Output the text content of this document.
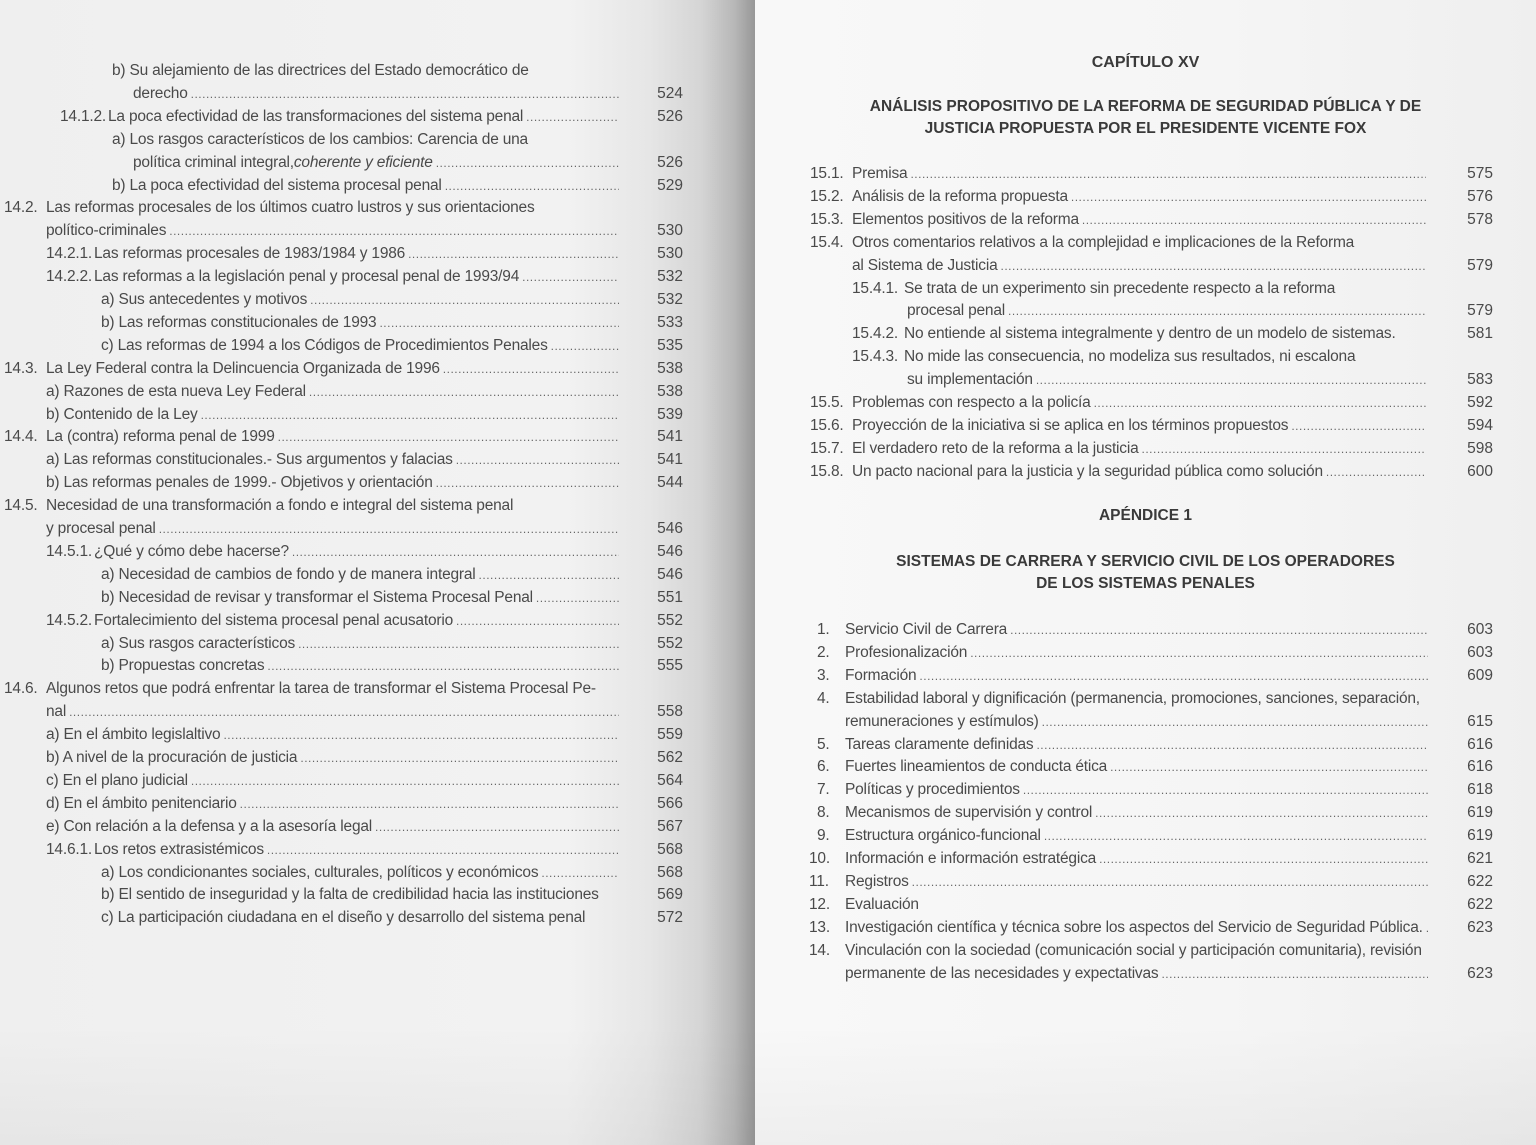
b) Su alejamiento de las directrices del Estado democrático de
derecho .....	524
14.1.2. La poca efectividad de las transformaciones del sistema penal .....	526
a) Los rasgos característicos de los cambios: Carencia de una
política criminal integral, coherente y eficiente .....	526
b) La poca efectividad del sistema procesal penal .....	529
14.2. Las reformas procesales de los últimos cuatro lustros y sus orientaciones
político-criminales .....	530
14.2.1. Las reformas procesales de 1983/1984 y 1986 .....	530
14.2.2. Las reformas a la legislación penal y procesal penal de 1993/94 .....	532
a) Sus antecedentes y motivos .....	532
b) Las reformas constitucionales de 1993 .....	533
c) Las reformas de 1994 a los Códigos de Procedimientos Penales .....	535
14.3. La Ley Federal contra la Delincuencia Organizada de 1996 .....	538
a) Razones de esta nueva Ley Federal .....	538
b) Contenido de la Ley .....	539
14.4. La (contra) reforma penal de 1999 .....	541
a) Las reformas constitucionales.- Sus argumentos y falacias .....	541
b) Las reformas penales de 1999.- Objetivos y orientación .....	544
14.5. Necesidad de una transformación a fondo e integral del sistema penal
y procesal penal .....	546
14.5.1. ¿Qué y cómo debe hacerse? .....	546
a) Necesidad de cambios de fondo y de manera integral .....	546
b) Necesidad de revisar y transformar el Sistema Procesal Penal .....	551
14.5.2. Fortalecimiento del sistema procesal penal acusatorio .....	552
a) Sus rasgos característicos .....	552
b) Propuestas concretas .....	555
14.6. Algunos retos que podrá enfrentar la tarea de transformar el Sistema Procesal Pe-
nal .....	558
a) En el ámbito legislaltivo .....	559
b) A nivel de la procuración de justicia .....	562
c) En el plano judicial .....	564
d) En el ámbito penitenciario .....	566
e) Con relación a la defensa y a la asesoría legal .....	567
14.6.1. Los retos extrasistémicos .....	568
a) Los condicionantes sociales, culturales, políticos y económicos .....	568
b) El sentido de inseguridad y la falta de credibilidad hacia las instituciones	569
c) La participación ciudadana en el diseño y desarrollo del sistema penal	572
CAPÍTULO XV
ANÁLISIS PROPOSITIVO DE LA REFORMA DE SEGURIDAD PÚBLICA Y DE
JUSTICIA PROPUESTA POR EL PRESIDENTE VICENTE FOX
15.1. Premisa .....	575
15.2. Análisis de la reforma propuesta .....	576
15.3. Elementos positivos de la reforma .....	578
15.4. Otros comentarios relativos a la complejidad e implicaciones de la Reforma
al Sistema de Justicia .....	579
15.4.1. Se trata de un experimento sin precedente respecto a la reforma
procesal penal .....	579
15.4.2. No entiende al sistema integralmente y dentro de un modelo de sistemas.	581
15.4.3. No mide las consecuencia, no modeliza sus resultados, ni escalona
su implementación .....	583
15.5. Problemas con respecto a la policía .....	592
15.6. Proyección de la iniciativa si se aplica en los términos propuestos .....	594
15.7. El verdadero reto de la reforma a la justicia .....	598
15.8. Un pacto nacional para la justicia y la seguridad pública como solución .....	600
APÉNDICE 1
SISTEMAS DE CARRERA Y SERVICIO CIVIL DE LOS OPERADORES
DE LOS SISTEMAS PENALES
1. Servicio Civil de Carrera .....	603
2. Profesionalización .....	603
3. Formación .....	609
4. Estabilidad laboral y dignificación (permanencia, promociones, sanciones, separación,
remuneraciones y estímulos) .....	615
5. Tareas claramente definidas .....	616
6. Fuertes lineamientos de conducta ética .....	616
7. Políticas y procedimientos .....	618
8. Mecanismos de supervisión y control .....	619
9. Estructura orgánico-funcional .....	619
10. Información e información estratégica .....	621
11.	Registros .....	622
12. Evaluación	622
13. Investigación científica y técnica sobre los aspectos del Servicio de Seguridad Pública. .....	623
14. Vinculación con la sociedad (comunicación social y participación comunitaria), revisión
permanente de las necesidades y expectativas .....	623
